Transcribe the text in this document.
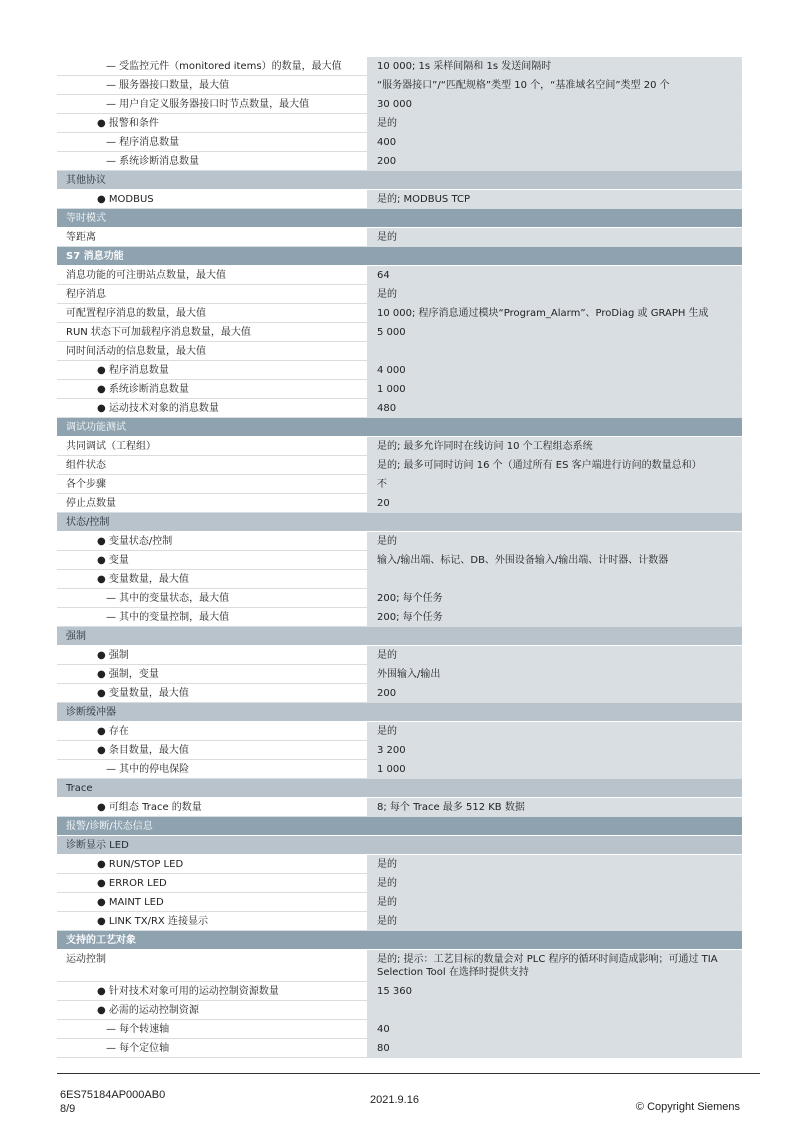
— 受监控元件（monitored items）的数量，最大值	10 000; 1s 采样间隔和 1s 发送间隔时
— 服务器接口数量，最大值	“服务器接口”/“匹配规格”类型 10 个，“基准域名空间”类型 20 个
— 用户自定义服务器接口时节点数量，最大值	30 000
● 报警和条件	是的
— 程序消息数量	400
— 系统诊断消息数量	200
其他协议
● MODBUS	是的; MODBUS TCP
等时模式
等距离	是的
S7 消息功能
消息功能的可注册站点数量，最大值	64
程序消息	是的
可配置程序消息的数量，最大值	10 000; 程序消息通过模块“Program_Alarm”、ProDiag 或 GRAPH 生成
RUN 状态下可加载程序消息数量，最大值	5 000
同时间活动的信息数量，最大值
● 程序消息数量	4 000
● 系统诊断消息数量	1 000
● 运动技术对象的消息数量	480
调试功能测试
共同调试（工程组）	是的; 最多允许同时在线访问 10 个工程组态系统
组件状态	是的; 最多可同时访问 16 个（通过所有 ES 客户端进行访问的数量总和）
各个步骤	不
停止点数量	20
状态/控制
● 变量状态/控制	是的
● 变量	输入/输出端、标记、DB、外围设备输入/输出端、计时器、计数器
● 变量数量，最大值
— 其中的变量状态，最大值	200; 每个任务
— 其中的变量控制，最大值	200; 每个任务
强制
● 强制	是的
● 强制，变量	外围输入/输出
● 变量数量，最大值	200
诊断缓冲器
● 存在	是的
● 条目数量，最大值	3 200
— 其中的停电保险	1 000
Trace
● 可组态 Trace 的数量	8; 每个 Trace 最多 512 KB 数据
报警/诊断/状态信息
诊断显示 LED
● RUN/STOP LED	是的
● ERROR LED	是的
● MAINT LED	是的
● LINK TX/RX 连接显示	是的
支持的工艺对象
运动控制	是的; 提示：工艺目标的数量会对 PLC 程序的循环时间造成影响；可通过 TIA Selection Tool 在选择时提供支持
● 针对技术对象可用的运动控制资源数量	15 360
● 必需的运动控制资源
— 每个转速轴	40
— 每个定位轴	80
6ES75184AP000AB0
8/9
2021.9.16
© Copyright Siemens
